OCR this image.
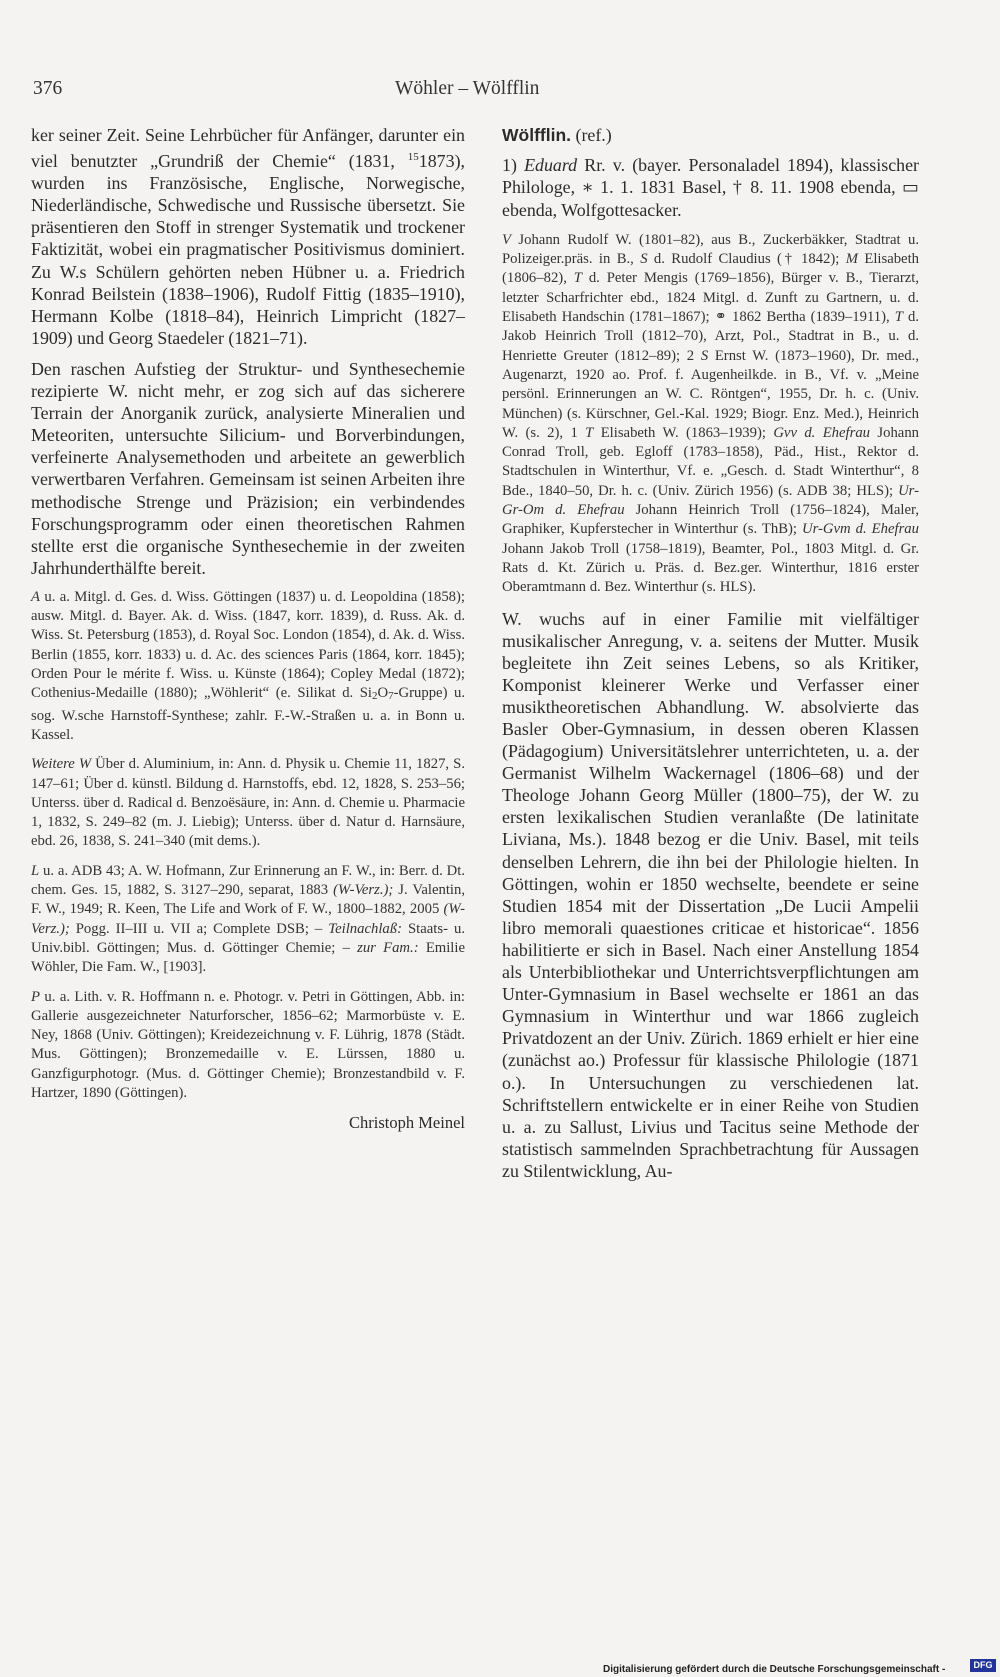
376	Wöhler – Wölfflin

ker seiner Zeit. Seine Lehrbücher für Anfänger, darunter ein viel benutzter „Grundriß der Chemie“ (1831, $^{15}$1873), wurden ins Französische, Englische, Norwegische, Niederländische, Schwedische und Russische übersetzt. Sie präsentieren den Stoff in strenger Systematik und trockener Faktizität, wobei ein pragmatischer Positivismus dominiert. Zu W.s Schülern gehörten neben Hübner u. a. Friedrich Konrad Beilstein (1838–1906), Rudolf Fittig (1835–1910), Hermann Kolbe (1818–84), Heinrich Limpricht (1827–1909) und Georg Staedeler (1821–71).

Den raschen Aufstieg der Struktur- und Synthesechemie rezipierte W. nicht mehr, er zog sich auf das sicherere Terrain der Anorganik zurück, analysierte Mineralien und Meteoriten, untersuchte Silicium- und Borverbindungen, verfeinerte Analysemethoden und arbeitete an gewerblich verwertbaren Verfahren. Gemeinsam ist seinen Arbeiten ihre methodische Strenge und Präzision; ein verbindendes Forschungsprogramm oder einen theoretischen Rahmen stellte erst die organische Synthesechemie in der zweiten Jahrhunderthälfte bereit.

A u. a. Mitgl. d. Ges. d. Wiss. Göttingen (1837) u. d. Leopoldina (1858); ausw. Mitgl. d. Bayer. Ak. d. Wiss. (1847, korr. 1839), d. Russ. Ak. d. Wiss. St. Petersburg (1853), d. Royal Soc. London (1854), d. Ak. d. Wiss. Berlin (1855, korr. 1833) u. d. Ac. des sciences Paris (1864, korr. 1845); Orden Pour le mérite f. Wiss. u. Künste (1864); Copley Medal (1872); Cothenius-Medaille (1880); „Wöhlerit“ (e. Silikat d. Si2O7-Gruppe) u. sog. W.sche Harnstoff-Synthese; zahlr. F.-W.-Straßen u. a. in Bonn u. Kassel.

Weitere W Über d. Aluminium, in: Ann. d. Physik u. Chemie 11, 1827, S. 147–61; Über d. künstl. Bildung d. Harnstoffs, ebd. 12, 1828, S. 253–56; Unterss. über d. Radical d. Benzoësäure, in: Ann. d. Chemie u. Pharmacie 1, 1832, S. 249–82 (m. J. Liebig); Unterss. über d. Natur d. Harnsäure, ebd. 26, 1838, S. 241–340 (mit dems.).

L u. a. ADB 43; A. W. Hofmann, Zur Erinnerung an F. W., in: Berr. d. Dt. chem. Ges. 15, 1882, S. 3127–290, separat, 1883 (W-Verz.); J. Valentin, F. W., 1949; R. Keen, The Life and Work of F. W., 1800–1882, 2005 (W-Verz.); Pogg. II–III u. VII a; Complete DSB; – Teilnachlaß: Staats- u. Univ.bibl. Göttingen; Mus. d. Göttinger Chemie; – zur Fam.: Emilie Wöhler, Die Fam. W., [1903].

P u. a. Lith. v. R. Hoffmann n. e. Photogr. v. Petri in Göttingen, Abb. in: Gallerie ausgezeichneter Naturforscher, 1856–62; Marmorbüste v. E. Ney, 1868 (Univ. Göttingen); Kreidezeichnung v. F. Lührig, 1878 (Städt. Mus. Göttingen); Bronzemedaille v. E. Lürssen, 1880 u. Ganzfigurphotogr. (Mus. d. Göttinger Chemie); Bronzestandbild v. F. Hartzer, 1890 (Göttingen).

Christoph Meinel

Wölfflin. (ref.)

1) Eduard Rr. v. (bayer. Personaladel 1894), klassischer Philologe, ∗ 1. 1. 1831 Basel, † 8. 11. 1908 ebenda, ▭ ebenda, Wolfgottesacker.

V Johann Rudolf W. (1801–82), aus B., Zuckerbäkker, Stadtrat u. Polizeiger.präs. in B., S d. Rudolf Claudius († 1842); M Elisabeth (1806–82), T d. Peter Mengis (1769–1856), Bürger v. B., Tierarzt, letzter Scharfrichter ebd., 1824 Mitgl. d. Zunft zu Gartnern, u. d. Elisabeth Handschin (1781–1867); ⚭ 1862 Bertha (1839–1911), T d. Jakob Heinrich Troll (1812–70), Arzt, Pol., Stadtrat in B., u. d. Henriette Greuter (1812–89); 2 S Ernst W. (1873–1960), Dr. med., Augenarzt, 1920 ao. Prof. f. Augenheilkde. in B., Vf. v. „Meine persönl. Erinnerungen an W. C. Röntgen“, 1955, Dr. h. c. (Univ. München) (s. Kürschner, Gel.-Kal. 1929; Biogr. Enz. Med.), Heinrich W. (s. 2), 1 T Elisabeth W. (1863–1939); Gvv d. Ehefrau Johann Conrad Troll, geb. Egloff (1783–1858), Päd., Hist., Rektor d. Stadtschulen in Winterthur, Vf. e. „Gesch. d. Stadt Winterthur“, 8 Bde., 1840–50, Dr. h. c. (Univ. Zürich 1956) (s. ADB 38; HLS); Ur-Gr-Om d. Ehefrau Johann Heinrich Troll (1756–1824), Maler, Graphiker, Kupferstecher in Winterthur (s. ThB); Ur-Gvm d. Ehefrau Johann Jakob Troll (1758–1819), Beamter, Pol., 1803 Mitgl. d. Gr. Rats d. Kt. Zürich u. Präs. d. Bez.ger. Winterthur, 1816 erster Oberamtmann d. Bez. Winterthur (s. HLS).

W. wuchs auf in einer Familie mit vielfältiger musikalischer Anregung, v. a. seitens der Mutter. Musik begleitete ihn Zeit seines Lebens, so als Kritiker, Komponist kleinerer Werke und Verfasser einer musiktheoretischen Abhandlung. W. absolvierte das Basler Ober-Gymnasium, in dessen oberen Klassen (Pädagogium) Universitätslehrer unterrichteten, u. a. der Germanist Wilhelm Wackernagel (1806–68) und der Theologe Johann Georg Müller (1800–75), der W. zu ersten lexikalischen Studien veranlaßte (De latinitate Liviana, Ms.). 1848 bezog er die Univ. Basel, mit teils denselben Lehrern, die ihn bei der Philologie hielten. In Göttingen, wohin er 1850 wechselte, beendete er seine Studien 1854 mit der Dissertation „De Lucii Ampelii libro memorali quaestiones criticae et historicae“. 1856 habilitierte er sich in Basel. Nach einer Anstellung 1854 als Unterbibliothekar und Unterrichtsverpflichtungen am Unter-Gymnasium in Basel wechselte er 1861 an das Gymnasium in Winterthur und war 1866 zugleich Privatdozent an der Univ. Zürich. 1869 erhielt er hier eine (zunächst ao.) Professur für klassische Philologie (1871 o.). In Untersuchungen zu verschiedenen lat. Schriftstellern entwickelte er in einer Reihe von Studien u. a. zu Sallust, Livius und Tacitus seine Methode der statistisch sammelnden Sprachbetrachtung für Aussagen zu Stilentwicklung, Au-

Digitalisierung gefördert durch die Deutsche Forschungsgemeinschaft -	DFG
